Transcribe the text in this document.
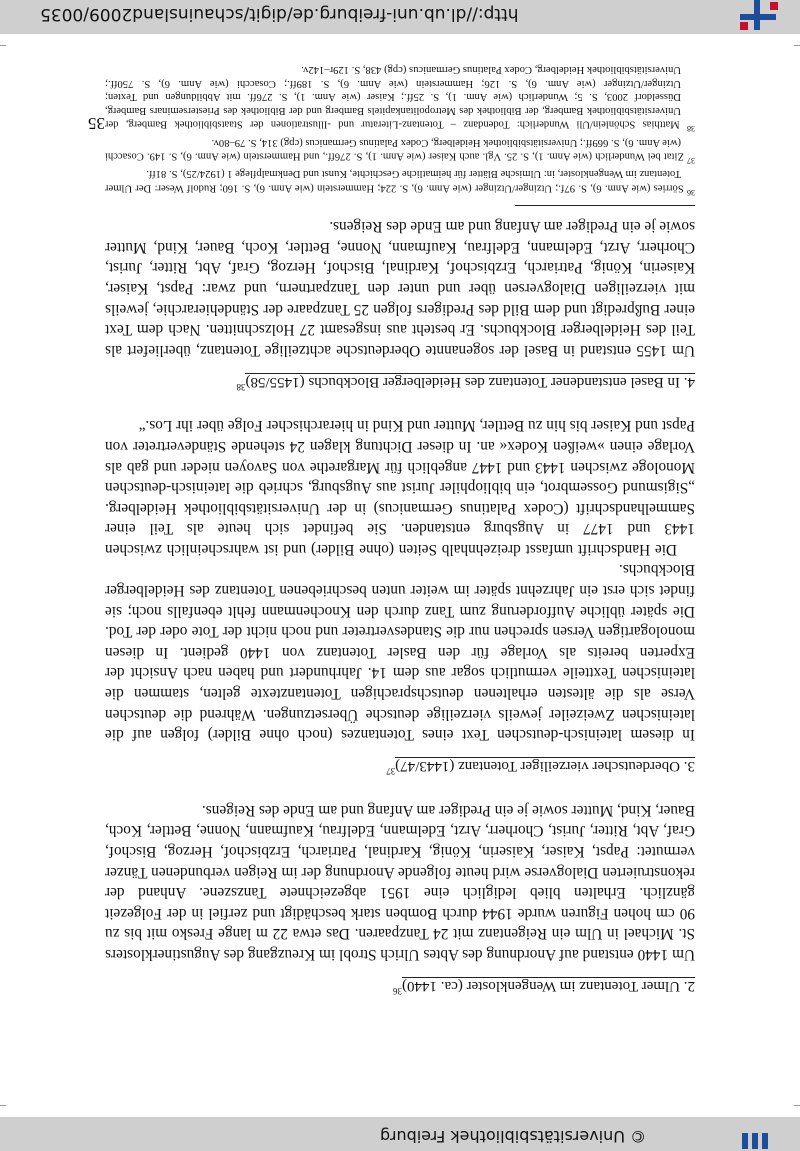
http://dl.ub.uni-freiburg.de/digit/schauinsland2009/0035
© Universitätsbibliothek Freiburg

2. Ulmer Totentanz im Wengenkloster (ca. 1440)$^{36}$

Um 1440 entstand auf Anordnung des Abtes Ulrich Strobl im Kreuzgang des Augustinerklosters St. Michael in Ulm ein Reigentanz mit 24 Tanzpaaren. Das etwa 22 m lange Fresko mit bis zu 90 cm hohen Figuren wurde 1944 durch Bomben stark beschädigt und zerfiel in der Folgezeit gänzlich. Erhalten blieb lediglich eine 1951 abgezeichnete Tanzszene. Anhand der rekonstruierten Dialogverse wird heute folgende Anordnung der im Reigen verbundenen Tänzer vermutet: Papst, Kaiser, Kaiserin, König, Kardinal, Patriarch, Erzbischof, Herzog, Bischof, Graf, Abt, Ritter, Jurist, Chorherr, Arzt, Edelmann, Edelfrau, Kaufmann, Nonne, Bettler, Koch, Bauer, Kind, Mutter sowie je ein Prediger am Anfang und am Ende des Reigens.

3. Oberdeutscher vierzeiliger Totentanz $(1443/47)^{37}$

In diesem lateinisch-deutschen Text eines Totentanzes (noch ohne Bilder) folgen auf die lateinischen Zweizeiler jeweils vierzeilige deutsche Übersetzungen. Während die deutschen Verse als die ältesten erhaltenen deutschsprachigen Totentanztexte gelten, stammen die lateinischen Textteile vermutlich sogar aus dem 14. Jahrhundert und haben nach Ansicht der Experten bereits als Vorlage für den Basler Totentanz von 1440 gedient. In diesen monologartigen Versen sprechen nur die Standesvertreter und noch nicht der Tote oder der Tod. Die später übliche Aufforderung zum Tanz durch den Knochenmann fehlt ebenfalls noch; sie findet sich erst ein Jahrzehnt später im weiter unten beschriebenen Totentanz des Heidelberger Blockbuchs.

Die Handschrift umfasst dreizehnhalb Seiten (ohne Bilder) und ist wahrscheinlich zwischen 1443 und 1477 in Augsburg entstanden. Sie befindet sich heute als Teil einer Sammelhandschrift (Codex Palatinus Germanicus) in der Universitätsbibliothek Heidelberg. „Sigismund Gossembrot, ein bibliophiler Jurist aus Augsburg, schrieb die lateinisch-deutschen Monologe zwischen 1443 und 1447 angeblich für Margarethe von Savoyen nieder und gab als Vorlage einen »weißen Kodex« an. In dieser Dichtung klagen 24 stehende Ständevertreter von Papst und Kaiser bis hin zu Bettler, Mutter und Kind in hierarchischer Folge über ihr Los.“

4. In Basel entstandener Totentanz des Heidelberger Blockbuchs $(1455/58)^{38}$

Um 1455 entstand in Basel der sogenannte Oberdeutsche achtzeilige Totentanz, überliefert als Teil des Heidelberger Blockbuchs. Er besteht aus insgesamt 27 Holzschnitten. Nach dem Text einer Bußpredigt und dem Bild des Predigers folgen 25 Tanzpaare der Ständehierarchie, jeweils mit vierzeiligen Dialogversen über und unter den Tanzpartnern, und zwar: Papst, Kaiser, Kaiserin, König, Patriarch, Erzbischof, Kardinal, Bischof, Herzog, Graf, Abt, Ritter, Jurist, Chorherr, Arzt, Edelmann, Edelfrau, Kaufmann, Nonne, Bettler, Koch, Bauer, Kind, Mutter sowie je ein Prediger am Anfang und am Ende des Reigens.

$^{36}$ Sörries (wie Anm. 6), S. 97f.; Utzinger/Utzinger (wie Anm. 6), S. 224; Hammerstein (wie Anm. 6), S. 160; Rudolf Weser: Der Ulmer Totentanz im Wengenkloster, in: Ulmische Blätter für heimatliche Geschichte, Kunst und Denkmalpflege 1 (1924/25), S. 81ff.

$^{37}$ Zitat bei Wunderlich (wie Anm. 1), S. 25. Vgl. auch Kaiser (wie Anm. 1), S. 276ff., und Hammerstein (wie Anm. 6), S. 149. Cosacchi (wie Anm. 6), S. 669ff.; Universitätsbibliothek Heidelberg, Codex Palatinus Germanicus (cpg) 314, S. 79–80v.

$^{38}$ Matthias Schönlein/Uli Wunderlich: Todendanz – Totentanz-Literatur und -Illustrationen der Staatsbibliothek Bamberg, der Universitätsbibliothek Bamberg, der Bibliothek des Metropolitankapitels Bamberg und der Bibliothek des Priesterseminars Bamberg, Düsseldorf 2003, S. 5; Wunderlich (wie Anm. 1), S. 25ff.; Kaiser (wie Anm. 1), S. 276ff. mit Abbildungen und Texten; Utzinger/Utzinger (wie Anm. 6), S. 126; Hammerstein (wie Anm. 6), S. 189ff.; Cosacchi (wie Anm. 6), S. 750ff.; Universitätsbibliothek Heidelberg, Codex Palatinus Germanicus (cpg) 438, S. 129r–142v.

35
